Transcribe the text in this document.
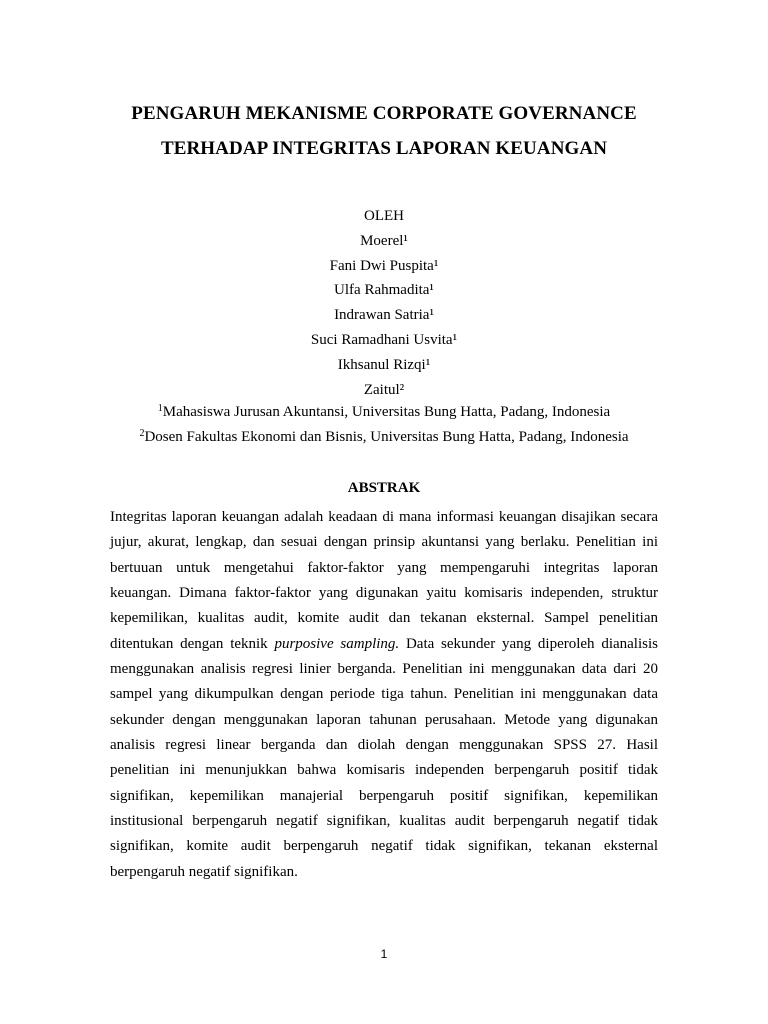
PENGARUH MEKANISME CORPORATE GOVERNANCE
TERHADAP INTEGRITAS LAPORAN KEUANGAN
OLEH
Moerel¹
Fani Dwi Puspita¹
Ulfa Rahmadita¹
Indrawan Satria¹
Suci Ramadhani Usvita¹
Ikhsanul Rizqi¹
Zaitul²
$^1$Mahasiswa Jurusan Akuntansi, Universitas Bung Hatta, Padang, Indonesia
$^2$Dosen Fakultas Ekonomi dan Bisnis, Universitas Bung Hatta, Padang, Indonesia
ABSTRAK
Integritas laporan keuangan adalah keadaan di mana informasi keuangan disajikan secara
jujur, akurat, lengkap, dan sesuai dengan prinsip akuntansi yang berlaku. Penelitian ini
bertuuan untuk mengetahui faktor-faktor yang mempengaruhi integritas laporan
keuangan. Dimana faktor-faktor yang digunakan yaitu komisaris independen, struktur
kepemilikan, kualitas audit, komite audit dan tekanan eksternal. Sampel penelitian
ditentukan dengan teknik purposive sampling. Data sekunder yang diperoleh dianalisis
menggunakan analisis regresi linier berganda. Penelitian ini menggunakan data dari 20
sampel yang dikumpulkan dengan periode tiga tahun. Penelitian ini menggunakan data
sekunder dengan menggunakan laporan tahunan perusahaan. Metode yang digunakan
analisis regresi linear berganda dan diolah dengan menggunakan SPSS 27. Hasil
penelitian ini menunjukkan bahwa komisaris independen berpengaruh positif tidak
signifikan, kepemilikan manajerial berpengaruh positif signifikan, kepemilikan
institusional berpengaruh negatif signifikan, kualitas audit berpengaruh negatif tidak
signifikan, komite audit berpengaruh negatif tidak signifikan, tekanan eksternal
berpengaruh negatif signifikan.
1
